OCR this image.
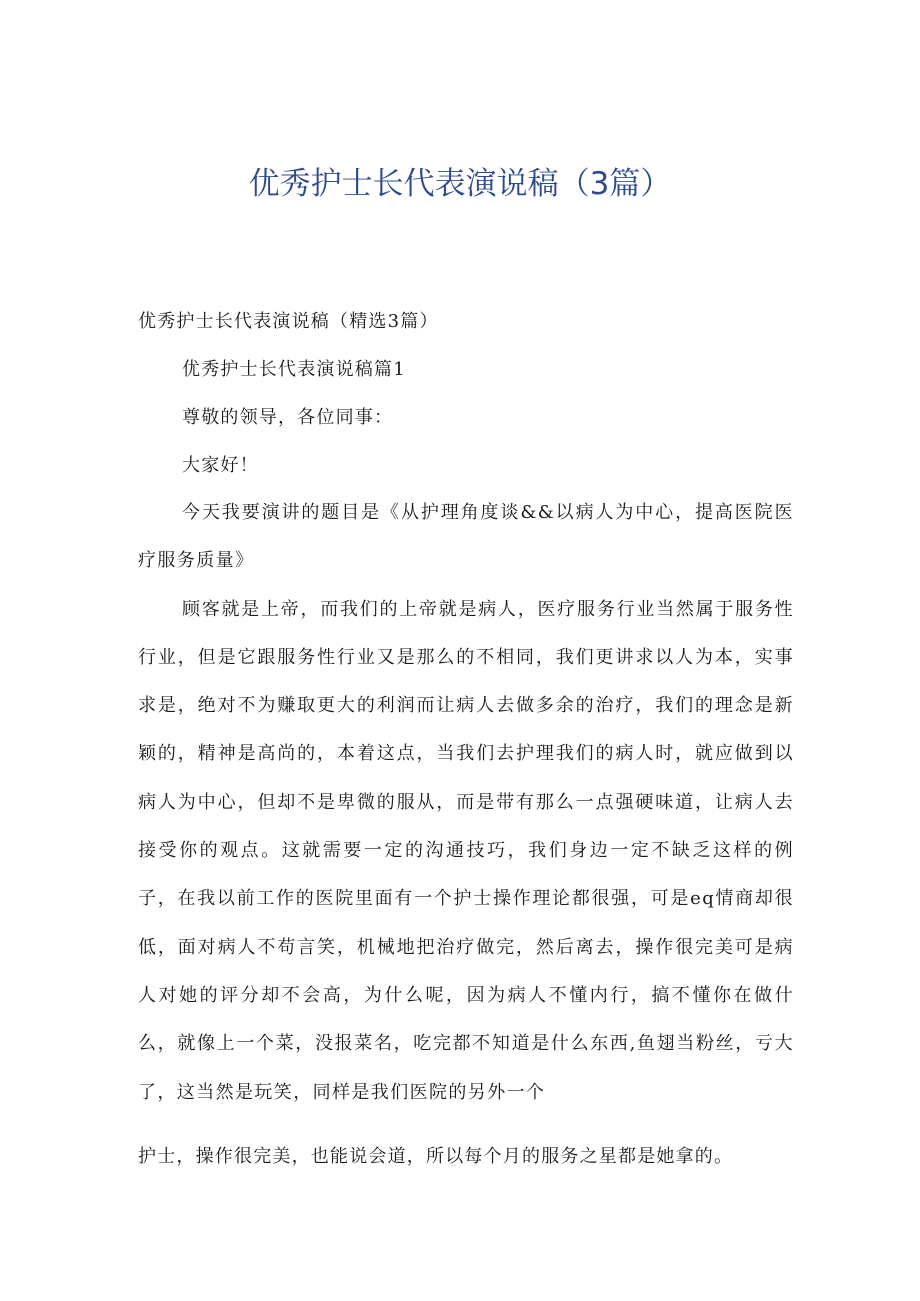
优秀护士长代表演说稿（3篇）
优秀护士长代表演说稿（精选3篇）
优秀护士长代表演说稿篇1
尊敬的领导，各位同事：
大家好！

今天我要演讲的题目是《从护理角度谈&&以病人为中心，提高医院医疗服务质量》

顾客就是上帝，而我们的上帝就是病人，医疗服务行业当然属于服务性行业，但是它跟服务性行业又是那么的不相同，我们更讲求以人为本，实事求是，绝对不为赚取更大的利润而让病人去做多余的治疗，我们的理念是新颖的，精神是高尚的，本着这点，当我们去护理我们的病人时，就应做到以病人为中心，但却不是卑微的服从，而是带有那么一点强硬味道，让病人去接受你的观点。这就需要一定的沟通技巧，我们身边一定不缺乏这样的例子，在我以前工作的医院里面有一个护士操作理论都很强，可是eq情商却很低，面对病人不苟言笑，机械地把治疗做完，然后离去，操作很完美可是病人对她的评分却不会高，为什么呢，因为病人不懂内行，搞不懂你在做什么，就像上一个菜，没报菜名，吃完都不知道是什么东西,鱼翅当粉丝，亏大了，这当然是玩笑，同样是我们医院的另外一个

护士，操作很完美，也能说会道，所以每个月的服务之星都是她拿的。
